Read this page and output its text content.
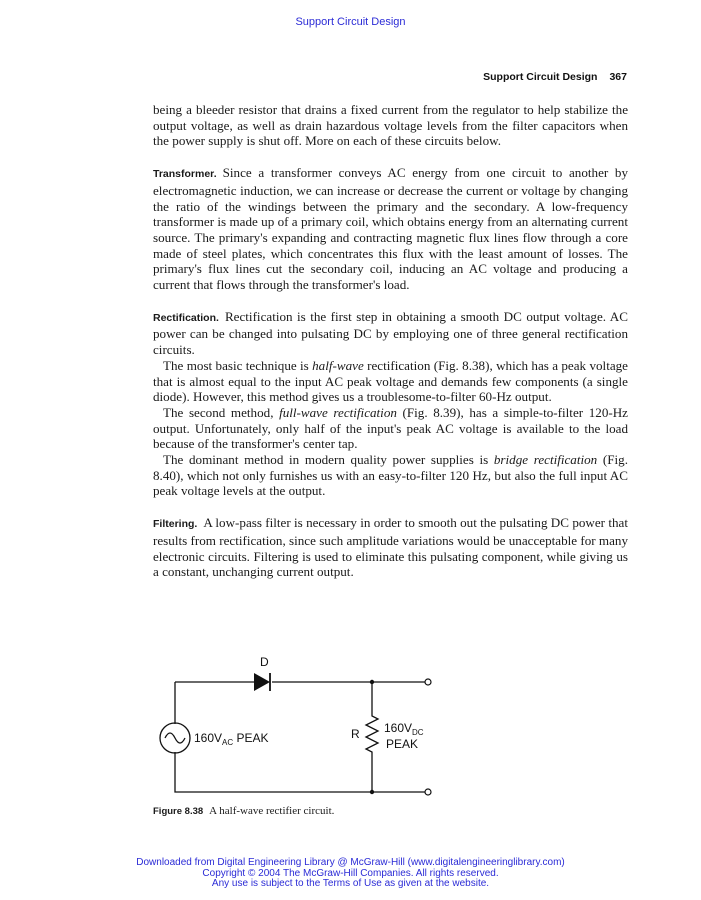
Support Circuit Design
Support Circuit Design 367

being a bleeder resistor that drains a fixed current from the regulator to help stabilize the output voltage, as well as drain hazardous voltage levels from the filter capacitors when the power supply is shut off. More on each of these circuits below.

Transformer. Since a transformer conveys AC energy from one circuit to another by electromagnetic induction, we can increase or decrease the current or voltage by changing the ratio of the windings between the primary and the secondary. A low-frequency transformer is made up of a primary coil, which obtains energy from an alternating current source. The primary's expanding and contracting magnetic flux lines flow through a core made of steel plates, which concentrates this flux with the least amount of losses. The primary's flux lines cut the secondary coil, inducing an AC voltage and producing a current that flows through the transformer's load.

Rectification. Rectification is the first step in obtaining a smooth DC output voltage. AC power can be changed into pulsating DC by employing one of three general rectification circuits.

The most basic technique is half-wave rectification (Fig. 8.38), which has a peak voltage that is almost equal to the input AC peak voltage and demands few components (a single diode). However, this method gives us a troublesome-to-filter 60-Hz output.

The second method, full-wave rectification (Fig. 8.39), has a simple-to-filter 120-Hz output. Unfortunately, only half of the input's peak AC voltage is available to the load because of the transformer's center tap.

The dominant method in modern quality power supplies is bridge rectification (Fig. 8.40), which not only furnishes us with an easy-to-filter 120 Hz, but also the full input AC peak voltage levels at the output.

Filtering. A low-pass filter is necessary in order to smooth out the pulsating DC power that results from rectification, since such amplitude variations would be unacceptable for many electronic circuits. Filtering is used to eliminate this pulsating component, while giving us a constant, unchanging current output.

D
$160V_{AC}$ PEAK	R $160V_{DC}$
PEAK
Figure 8.38 A half-wave rectifier circuit.
Downloaded from Digital Engineering Library @ McGraw-Hill (www.digitalengineeringlibrary.com)
Copyright © 2004 The McGraw-Hill Companies. All rights reserved.
Any use is subject to the Terms of Use as given at the website.
